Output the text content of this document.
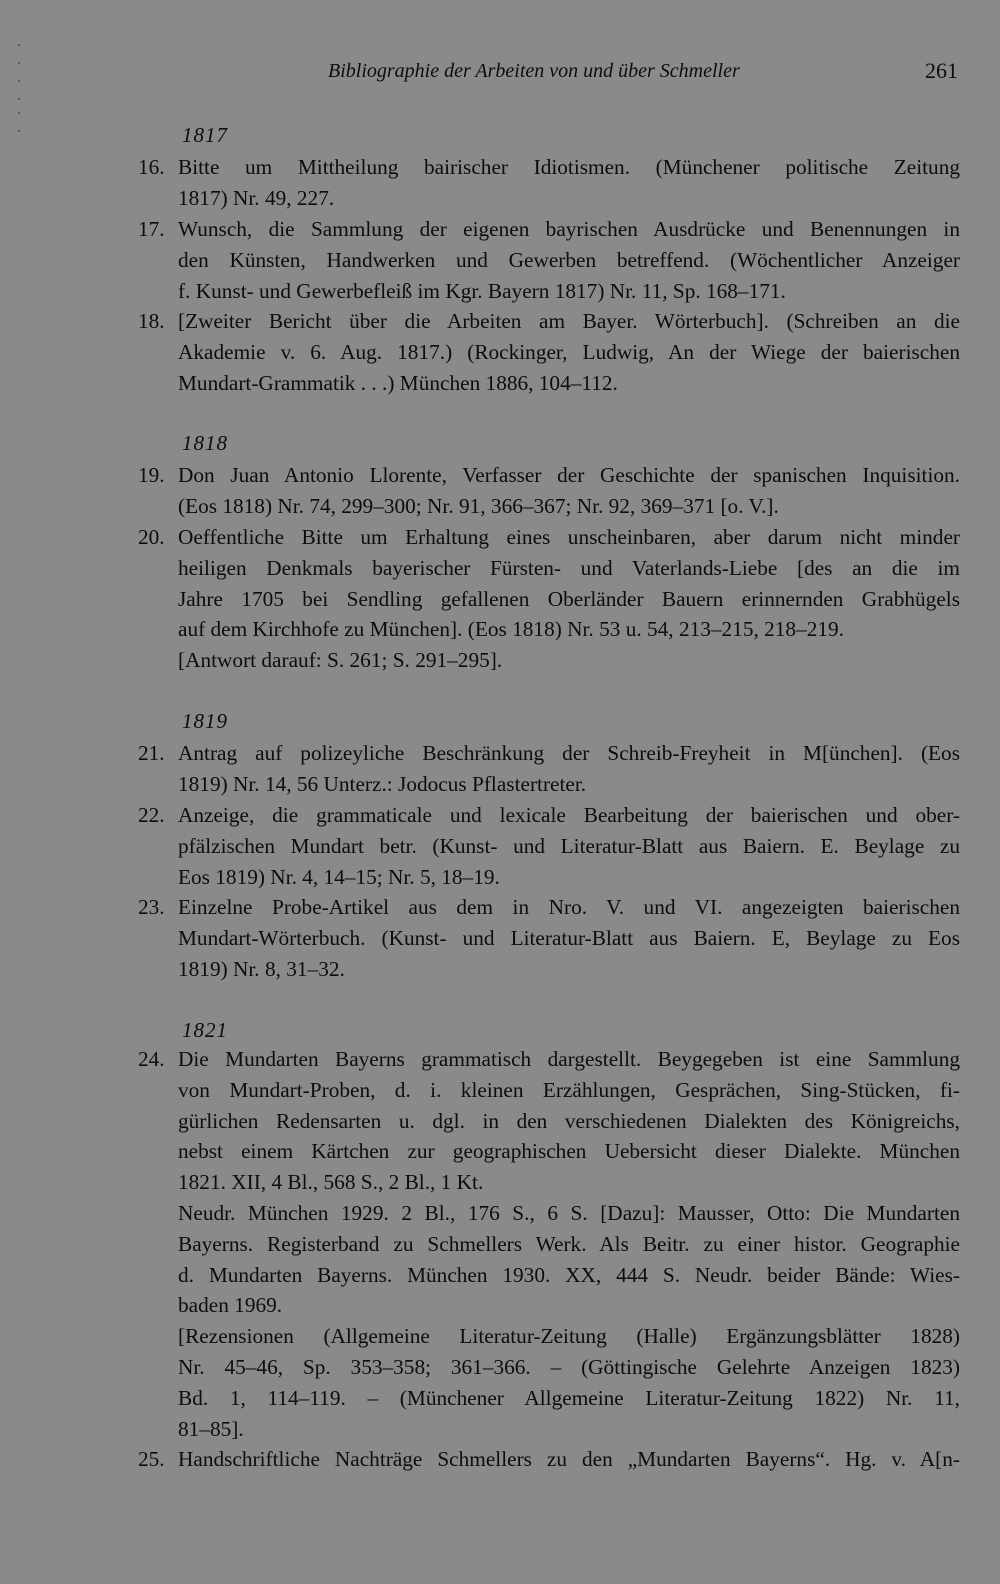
Bibliographie der Arbeiten von und über Schmeller	261
1817
16. Bitte um Mittheilung bairischer Idiotismen. (Münchener politische Zeitung
1817) Nr. 49, 227.
17. Wunsch, die Sammlung der eigenen bayrischen Ausdrücke und Benennungen in
den Künsten, Handwerken und Gewerben betreffend. (Wöchentlicher Anzeiger
f. Kunst- und Gewerbefleiß im Kgr. Bayern 1817) Nr. 11, Sp. 168–171.
18. [Zweiter Bericht über die Arbeiten am Bayer. Wörterbuch]. (Schreiben an die
Akademie v. 6. Aug. 1817.) (Rockinger, Ludwig, An der Wiege der baierischen
Mundart-Grammatik . . .) München 1886, 104–112.
1818
19. Don Juan Antonio Llorente, Verfasser der Geschichte der spanischen Inquisition.
(Eos 1818) Nr. 74, 299–300; Nr. 91, 366–367; Nr. 92, 369–371 [o. V.].
20. Oeffentliche Bitte um Erhaltung eines unscheinbaren, aber darum nicht minder
heiligen Denkmals bayerischer Fürsten- und Vaterlands-Liebe [des an die im
Jahre 1705 bei Sendling gefallenen Oberländer Bauern erinnernden Grabhügels
auf dem Kirchhofe zu München]. (Eos 1818) Nr. 53 u. 54, 213–215, 218–219.
[Antwort darauf: S. 261; S. 291–295].
1819
21. Antrag auf polizeyliche Beschränkung der Schreib-Freyheit in M[ünchen]. (Eos
1819) Nr. 14, 56 Unterz.: Jodocus Pflastertreter.
22. Anzeige, die grammaticale und lexicale Bearbeitung der baierischen und ober-
pfälzischen Mundart betr. (Kunst- und Literatur-Blatt aus Baiern. E. Beylage zu
Eos 1819) Nr. 4, 14–15; Nr. 5, 18–19.
23. Einzelne Probe-Artikel aus dem in Nro. V. und VI. angezeigten baierischen
Mundart-Wörterbuch. (Kunst- und Literatur-Blatt aus Baiern. E, Beylage zu Eos
1819) Nr. 8, 31–32.
1821
24. Die Mundarten Bayerns grammatisch dargestellt. Beygegeben ist eine Sammlung
von Mundart-Proben, d. i. kleinen Erzählungen, Gesprächen, Sing-Stücken, fi-
gürlichen Redensarten u. dgl. in den verschiedenen Dialekten des Königreichs,
nebst einem Kärtchen zur geographischen Uebersicht dieser Dialekte. München
1821. XII, 4 Bl., 568 S., 2 Bl., 1 Kt.
Neudr. München 1929. 2 Bl., 176 S., 6 S. [Dazu]: Mausser, Otto: Die Mundarten
Bayerns. Registerband zu Schmellers Werk. Als Beitr. zu einer histor. Geographie
d. Mundarten Bayerns. München 1930. XX, 444 S. Neudr. beider Bände: Wies-
baden 1969.
[Rezensionen (Allgemeine Literatur-Zeitung (Halle) Ergänzungsblätter 1828)
Nr. 45–46, Sp. 353–358; 361–366. – (Göttingische Gelehrte Anzeigen 1823)
Bd. 1, 114–119. – (Münchener Allgemeine Literatur-Zeitung 1822) Nr. 11,
81–85].
25. Handschriftliche Nachträge Schmellers zu den „Mundarten Bayerns“. Hg. v. A[n-
